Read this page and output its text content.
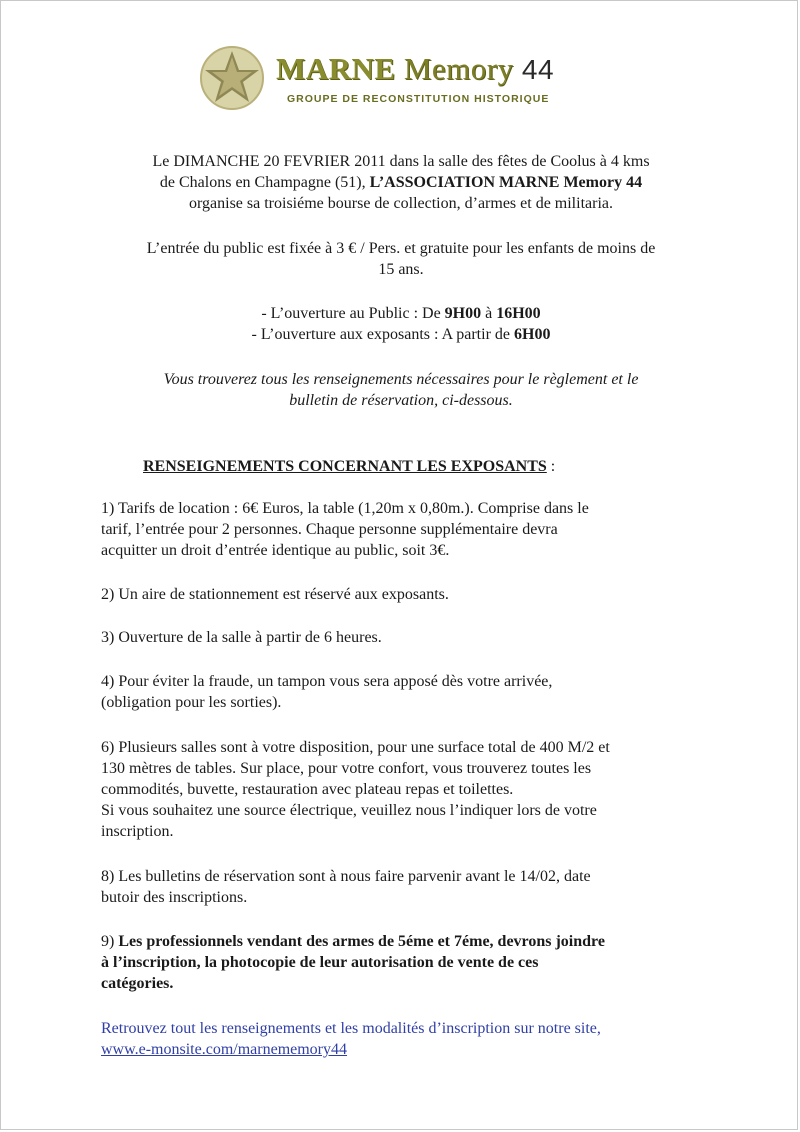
MARNE Memory 44
GROUPE DE RECONSTITUTION HISTORIQUE
Le DIMANCHE 20 FEVRIER 2011 dans la salle des fêtes de Coolus à 4 kms
de Chalons en Champagne (51), L’ASSOCIATION MARNE Memory 44
organise sa troisiéme bourse de collection, d’armes et de militaria.
L’entrée du public est fixée à 3 € / Pers. et gratuite pour les enfants de moins de
15 ans.
- L’ouverture au Public : De 9H00 à 16H00
- L’ouverture aux exposants : A partir de 6H00
Vous trouverez tous les renseignements nécessaires pour le règlement et le
bulletin de réservation, ci-dessous.
RENSEIGNEMENTS CONCERNANT LES EXPOSANTS :
1) Tarifs de location : 6€ Euros, la table (1,20m x 0,80m.). Comprise dans le
tarif, l’entrée pour 2 personnes. Chaque personne supplémentaire devra
acquitter un droit d’entrée identique au public, soit 3€.
2) Un aire de stationnement est réservé aux exposants.
3) Ouverture de la salle à partir de 6 heures.
4) Pour éviter la fraude, un tampon vous sera apposé dès votre arrivée,
(obligation pour les sorties).
6) Plusieurs salles sont à votre disposition, pour une surface total de 400 M/2 et
130 mètres de tables. Sur place, pour votre confort, vous trouverez toutes les
commodités, buvette, restauration avec plateau repas et toilettes.
Si vous souhaitez une source électrique, veuillez nous l’indiquer lors de votre
inscription.
8) Les bulletins de réservation sont à nous faire parvenir avant le 14/02, date
butoir des inscriptions.
9) Les professionnels vendant des armes de 5éme et 7éme, devrons joindre
à l’inscription, la photocopie de leur autorisation de vente de ces
catégories.
Retrouvez tout les renseignements et les modalités d’inscription sur notre site,
www.e-monsite.com/marnememory44
